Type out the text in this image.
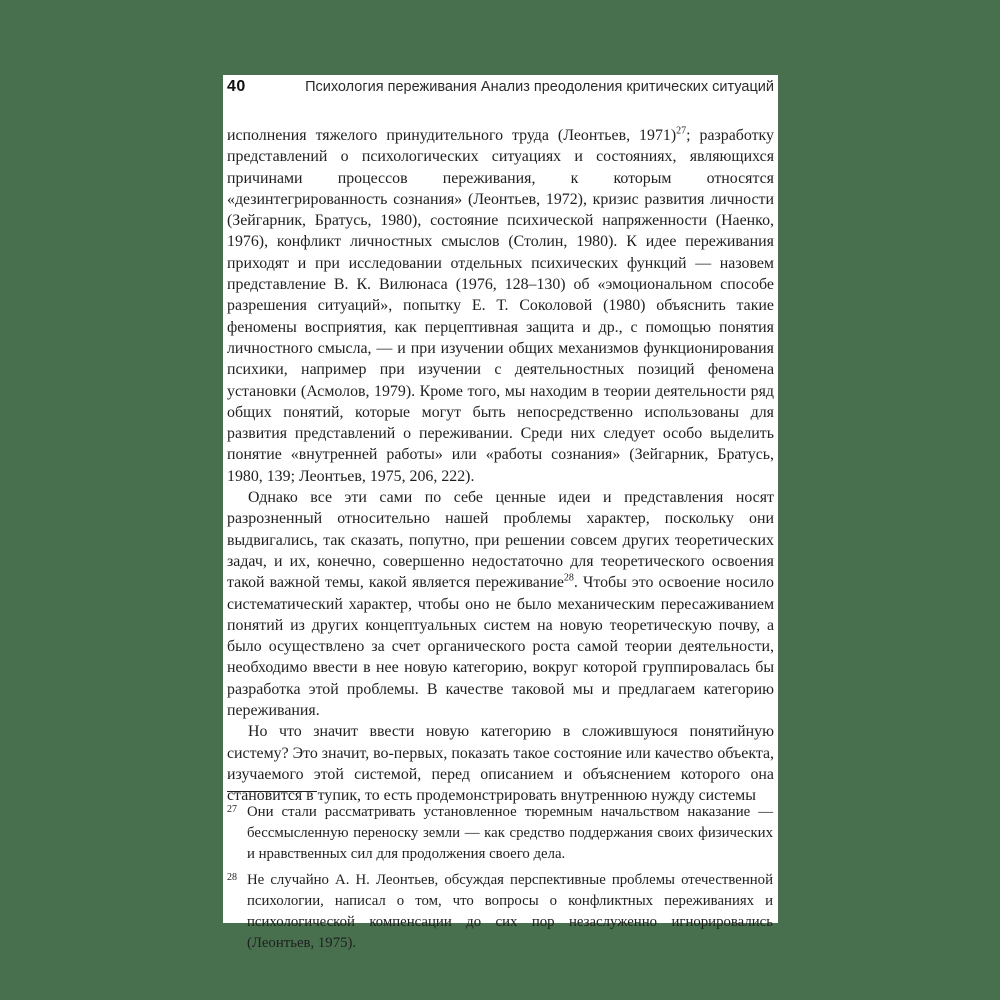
40	Психология переживания Анализ преодоления критических ситуаций

исполнения тяжелого принудительного труда (Леонтьев, 1971)$^{27}$; разработку представлений о психологических ситуациях и состояниях, являющихся причинами процессов переживания, к которым относятся «дезинтегрированность сознания» (Леонтьев, 1972), кризис развития личности (Зейгарник, Братусь, 1980), состояние психической напряженности (Наенко, 1976), конфликт личностных смыслов (Столин, 1980). К идее переживания приходят и при исследовании отдельных психических функций — назовем представление В. К. Вилюнаса (1976, 128–130) об «эмоциональном способе разрешения ситуаций», попытку Е. Т. Соколовой (1980) объяснить такие феномены восприятия, как перцептивная защита и др., с помощью понятия личностного смысла, — и при изучении общих механизмов функционирования психики, например при изучении с деятельностных позиций феномена установки (Асмолов, 1979). Кроме того, мы находим в теории деятельности ряд общих понятий, которые могут быть непосредственно использованы для развития представлений о переживании. Среди них следует особо выделить понятие «внутренней работы» или «работы сознания» (Зейгарник, Братусь, 1980, 139; Леонтьев, 1975, 206, 222).

Однако все эти сами по себе ценные идеи и представления носят разрозненный относительно нашей проблемы характер, поскольку они выдвигались, так сказать, попутно, при решении совсем других теоретических задач, и их, конечно, совершенно недостаточно для теоретического освоения такой важной темы, какой является переживание$^{28}$. Чтобы это освоение носило систематический характер, чтобы оно не было механическим пересаживанием понятий из других концептуальных систем на новую теоретическую почву, а было осуществлено за счет органического роста самой теории деятельности, необходимо ввести в нее новую категорию, вокруг которой группировалась бы разработка этой проблемы. В качестве таковой мы и предлагаем категорию переживания.

Но что значит ввести новую категорию в сложившуюся понятийную систему? Это значит, во-первых, показать такое состояние или качество объекта, изучаемого этой системой, перед описанием и объяснением которого она становится в тупик, то есть продемонстрировать внутреннюю нужду системы

27 Они стали рассматривать установленное тюремным начальством наказание — бессмысленную переноску земли — как средство поддержания своих физических и нравственных сил для продолжения своего дела.
28 Не случайно А. Н. Леонтьев, обсуждая перспективные проблемы отечественной психологии, написал о том, что вопросы о конфликтных переживаниях и психологической компенсации до сих пор незаслуженно игнорировались (Леонтьев, 1975).
